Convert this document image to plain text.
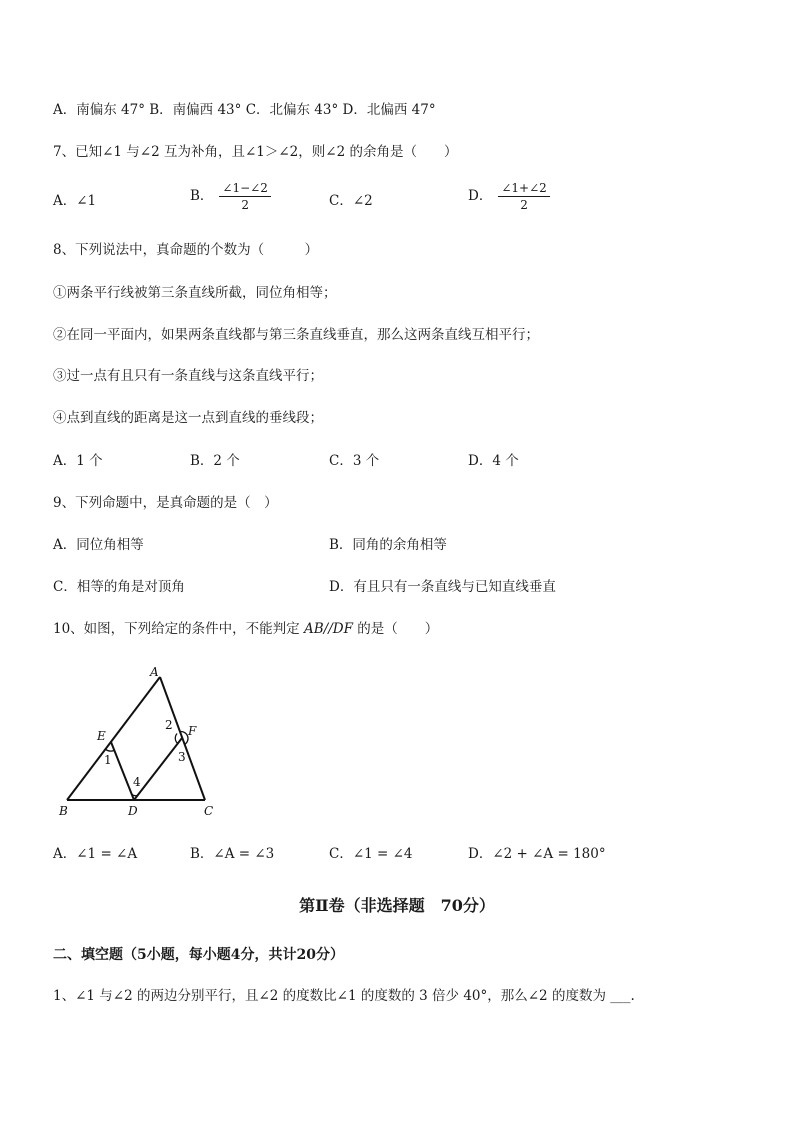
A．南偏东 47° B．南偏西 43° C．北偏东 43° D．北偏西 47°
7、已知∠1 与∠2 互为补角，且∠1＞∠2，则∠2 的余角是（　　）
A．∠1	B． $\frac{\angle 1-\angle 2}{2}$	C．∠2	D． $\frac{\angle 1+\angle 2}{2}$
8、下列说法中，真命题的个数为（　　　）
①两条平行线被第三条直线所截，同位角相等；
②在同一平面内，如果两条直线都与第三条直线垂直，那么这两条直线互相平行；
③过一点有且只有一条直线与这条直线平行；
④点到直线的距离是这一点到直线的垂线段；
A．1 个	B．2 个	C．3 个	D．4 个
9、下列命题中，是真命题的是（　）
A．同位角相等	B．同角的余角相等
C．相等的角是对顶角	D．有且只有一条直线与已知直线垂直
10、如图，下列给定的条件中，不能判定 AB//DF 的是（　　）
A
E	F
B	D	C
1
2
3
4
A．∠1 = ∠A	B．∠A = ∠3	C．∠1 = ∠4	D．∠2 + ∠A = 180°
第Ⅱ卷（非选择题　70分）
二、填空题（5小题，每小题4分，共计20分）
1、∠1 与∠2 的两边分别平行，且∠2 的度数比∠1 的度数的 3 倍少 40°，那么∠2 的度数为 ___.
